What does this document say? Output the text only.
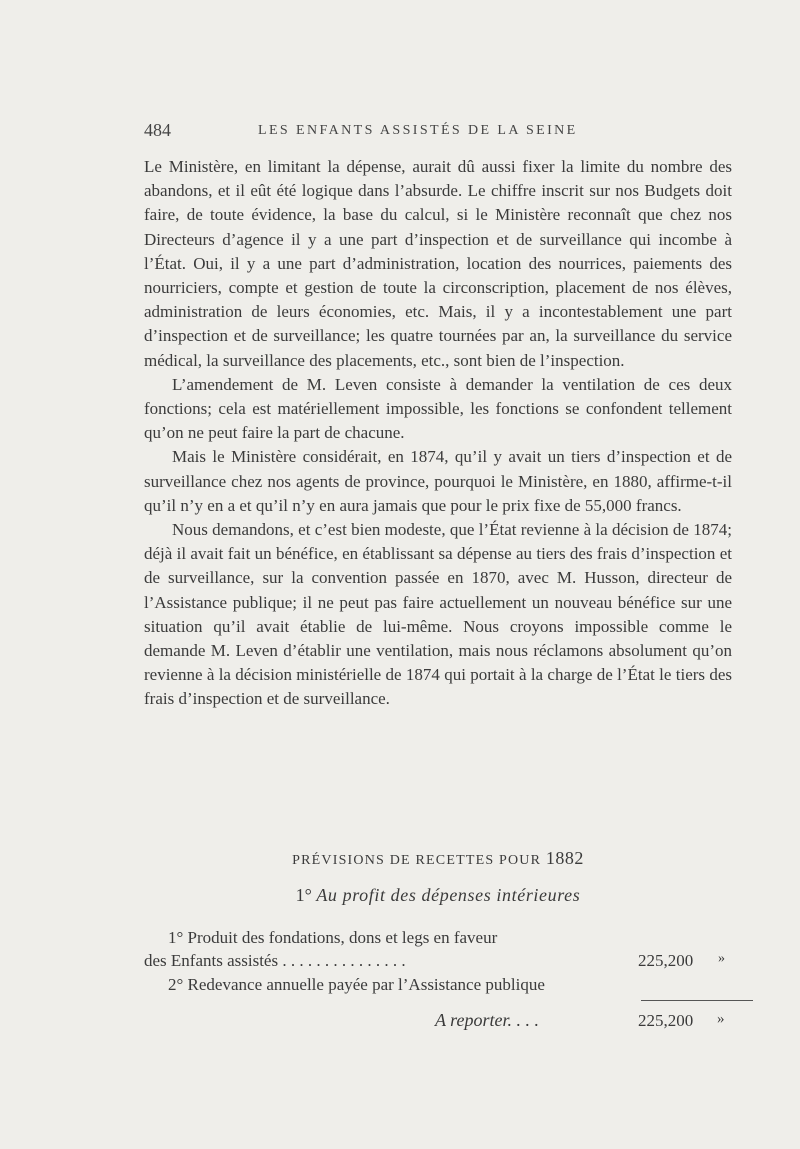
484	LES ENFANTS ASSISTÉS DE LA SEINE

Le Ministère, en limitant la dépense, aurait dû aussi fixer la limite du nombre des abandons, et il eût été logique dans l’absurde. Le chiffre inscrit sur nos Budgets doit faire, de toute évidence, la base du calcul, si le Ministère reconnaît que chez nos Directeurs d’agence il y a une part d’inspection et de surveillance qui incombe à l’État. Oui, il y a une part d’administration, location des nourrices, paiements des nourriciers, compte et gestion de toute la circonscription, placement de nos élèves, administration de leurs économies, etc. Mais, il y a incontestablement une part d’inspection et de surveillance; les quatre tournées par an, la surveillance du service médical, la surveillance des placements, etc., sont bien de l’inspection.

L’amendement de M. Leven consiste à demander la ventilation de ces deux fonctions; cela est matériellement impossible, les fonctions se confondent tellement qu’on ne peut faire la part de chacune.

Mais le Ministère considérait, en 1874, qu’il y avait un tiers d’inspection et de surveillance chez nos agents de province, pourquoi le Ministère, en 1880, affirme-t-il qu’il n’y en a et qu’il n’y en aura jamais que pour le prix fixe de 55,000 francs.

Nous demandons, et c’est bien modeste, que l’État revienne à la décision de 1874; déjà il avait fait un bénéfice, en établissant sa dépense au tiers des frais d’inspection et de surveillance, sur la convention passée en 1870, avec M. Husson, directeur de l’Assistance publique; il ne peut pas faire actuellement un nouveau bénéfice sur une situation qu’il avait établie de lui-même. Nous croyons impossible comme le demande M. Leven d’établir une ventilation, mais nous réclamons absolument qu’on revienne à la décision ministérielle de 1874 qui portait à la charge de l’État le tiers des frais d’inspection et de surveillance.

PRÉVISIONS DE RECETTES POUR 1882
1° Au profit des dépenses intérieures
1° Produit des fondations, dons et legs en faveur
des Enfants assistés . . . . . . . . . . . . . . .	225,200 »
2° Redevance annuelle payée par l’Assistance publique
A reporter. . . .	225,200 »
